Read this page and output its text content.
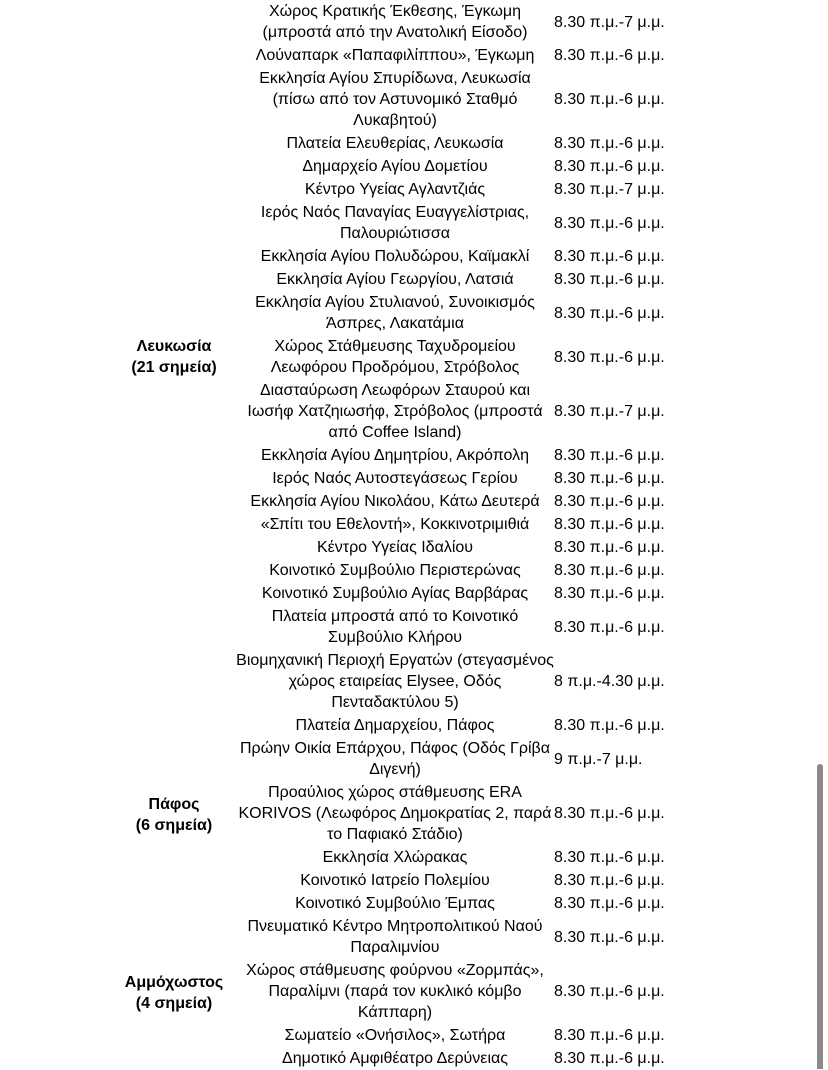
Λευκωσία
(21 σημεία)	Χώρος Κρατικής Έκθεσης, Έγκωμη (μπροστά από την Ανατολική Είσοδο)	8.30 π.μ.-7 μ.μ.
	Λούναπαρκ «Παπαφιλίππου», Έγκωμη	8.30 π.μ.-6 μ.μ.
	Εκκλησία Αγίου Σπυρίδωνα, Λευκωσία (πίσω από τον Αστυνομικό Σταθμό Λυκαβητού)	8.30 π.μ.-6 μ.μ.
	Πλατεία Ελευθερίας, Λευκωσία	8.30 π.μ.-6 μ.μ.
	Δημαρχείο Αγίου Δομετίου	8.30 π.μ.-6 μ.μ.
	Κέντρο Υγείας Αγλαντζιάς	8.30 π.μ.-7 μ.μ.
	Ιερός Ναός Παναγίας Ευαγγελίστριας, Παλουριώτισσα	8.30 π.μ.-6 μ.μ.
	Εκκλησία Αγίου Πολυδώρου, Καϊμακλί	8.30 π.μ.-6 μ.μ.
	Εκκλησία Αγίου Γεωργίου, Λατσιά	8.30 π.μ.-6 μ.μ.
	Εκκλησία Αγίου Στυλιανού, Συνοικισμός Άσπρες, Λακατάμια	8.30 π.μ.-6 μ.μ.
	Χώρος Στάθμευσης Ταχυδρομείου Λεωφόρου Προδρόμου, Στρόβολος	8.30 π.μ.-6 μ.μ.
	Διασταύρωση Λεωφόρων Σταυρού και Ιωσήφ Χατζηιωσήφ, Στρόβολος (μπροστά από Coffee Island)	8.30 π.μ.-7 μ.μ.
	Εκκλησία Αγίου Δημητρίου, Ακρόπολη	8.30 π.μ.-6 μ.μ.
	Ιερός Ναός Αυτοστεγάσεως Γερίου	8.30 π.μ.-6 μ.μ.
	Εκκλησία Αγίου Νικολάου, Κάτω Δευτερά	8.30 π.μ.-6 μ.μ.
	«Σπίτι του Εθελοντή», Κοκκινοτριμιθιά	8.30 π.μ.-6 μ.μ.
	Κέντρο Υγείας Ιδαλίου	8.30 π.μ.-6 μ.μ.
	Κοινοτικό Συμβούλιο Περιστερώνας	8.30 π.μ.-6 μ.μ.
	Κοινοτικό Συμβούλιο Αγίας Βαρβάρας	8.30 π.μ.-6 μ.μ.
	Πλατεία μπροστά από το Κοινοτικό Συμβούλιο Κλήρου	8.30 π.μ.-6 μ.μ.
	Βιομηχανική Περιοχή Εργατών (στεγασμένος χώρος εταιρείας Elysee, Οδός Πενταδακτύλου 5)	8 π.μ.-4.30 μ.μ.

Πάφος
(6 σημεία)	Πλατεία Δημαρχείου, Πάφος	8.30 π.μ.-6 μ.μ.
	Πρώην Οικία Επάρχου, Πάφος (Οδός Γρίβα Διγενή)	9 π.μ.-7 μ.μ.
	Προαύλιος χώρος στάθμευσης ERA KORIVOS (Λεωφόρος Δημοκρατίας 2, παρά το Παφιακό Στάδιο)	8.30 π.μ.-6 μ.μ.
	Εκκλησία Χλώρακας	8.30 π.μ.-6 μ.μ.
	Κοινοτικό Ιατρείο Πολεμίου	8.30 π.μ.-6 μ.μ.
	Κοινοτικό Συμβούλιο Έμπας	8.30 π.μ.-6 μ.μ.

Αμμόχωστος
(4 σημεία)	Πνευματικό Κέντρο Μητροπολιτικού Ναού Παραλιμνίου	8.30 π.μ.-6 μ.μ.
	Χώρος στάθμευσης φούρνου «Ζορμπάς», Παραλίμνι (παρά τον κυκλικό κόμβο Κάππαρη)	8.30 π.μ.-6 μ.μ.
	Σωματείο «Ονήσιλος», Σωτήρα	8.30 π.μ.-6 μ.μ.
	Δημοτικό Αμφιθέατρο Δερύνειας	8.30 π.μ.-6 μ.μ.
